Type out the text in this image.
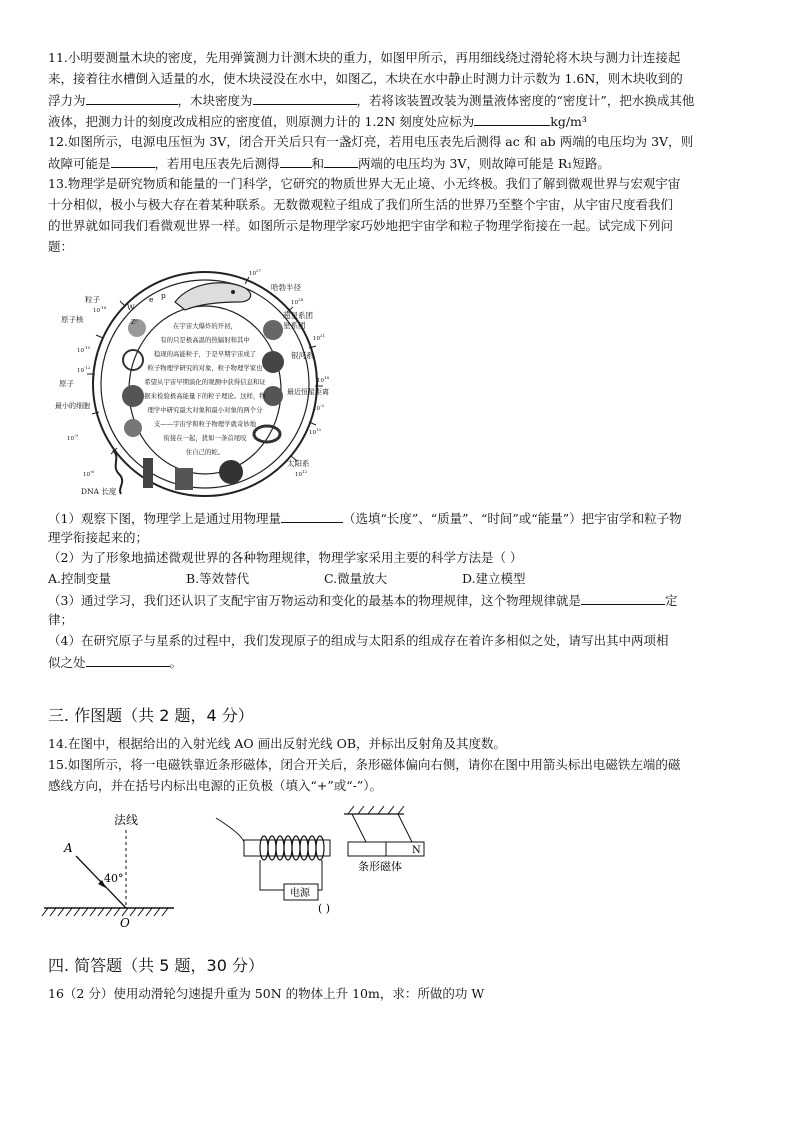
11.小明要测量木块的密度，先用弹簧测力计测木块的重力，如图甲所示，再用细线绕过滑轮将木块与测力计连接起
来，接着往水槽倒入适量的水，使木块浸没在水中，如图乙，木块在水中静止时测力计示数为 1.6N，则木块收到的
浮力为	，木块密度为	，若将该装置改装为测量液体密度的“密度计”，把水换成其他
液体，把测力计的刻度改成相应的密度值，则原测力计的 1.2N 刻度处应标为	kg/m³
12.如图所示，电源电压恒为 3V，闭合开关后只有一盏灯亮，若用电压表先后测得 ac 和 ab 两端的电压均为 3V，则
故障可能是	，若用电压表先后测得	和	两端的电压均为 3V，则故障可能是 R₁短路。
13.物理学是研究物质和能量的一门科学，它研究的物质世界大无止境、小无终极。我们了解到微观世界与宏观宇宙
十分相似，极小与极大存在着某种联系。无数微观粒子组成了我们所生活的世界乃至整个宇宙，从宇宙尺度看我们
的世界就如同我们看微观世界一样。如图所示是物理学家巧妙地把宇宙学和粒子物理学衔接在一起。试完成下列问
题：
在宇宙大爆炸的开初，
有的只是极高温的热辐射和其中
稳现的高能粒子，于是早期宇宙成了
粒子物理学研究的对象，粒子物理学家也
希望从宇宙早期演化的观测中获得信息和证
据来检验极高能量下的粒子理论。这样，物
理学中研究最大对象和最小对象的两个分
支——宇宙学和粒子物理学就奇妙地
衔接在一起，犹如一条首尾咬
住自己的蛇。
粒子
原子核
原子
最小的细胞
DNA 长度
哈勃半径
超星系团
星系团
银河系
最近恒星距离
太阳系
W
Z⁰
e p
$10^{27}$
$10^{24}$
$10^{21}$
$10^{18}$
$10^{15}$
$10^{12}$
$10^{-18}$
$10^{-15}$
$10^{-12}$
$10^{-9}$
$10^{-6}$
$10^{-3}$
（1）观察下图，物理学上是通过用物理量	（选填“长度”、“质量”、“时间”或“能量”）把宇宙学和粒子物
理学衔接起来的；
（2）为了形象地描述微观世界的各种物理规律，物理学家采用主要的科学方法是（ ）
A.控制变量	B.等效替代	C.微量放大	D.建立模型
（3）通过学习，我们还认识了支配宇宙万物运动和变化的最基本的物理规律，这个物理规律就是	定
律；
（4）在研究原子与星系的过程中，我们发现原子的组成与太阳系的组成存在着许多相似之处，请写出其中两项相
似之处	。
三. 作图题（共 2 题，4 分）
14.在图中，根据给出的入射光线 AO 画出反射光线 OB，并标出反射角及其度数。
15.如图所示，将一电磁铁靠近条形磁体，闭合开关后，条形磁体偏向右侧，请你在图中用箭头标出电磁铁左端的磁
感线方向，并在括号内标出电源的正负极（填入“+”或“-”）。
法线
A
40°
O
电源
( )
N
条形磁体
四. 简答题（共 5 题，30 分）
16（2 分）使用动滑轮匀速提升重为 50N 的物体上升 10m，求：所做的功 W
